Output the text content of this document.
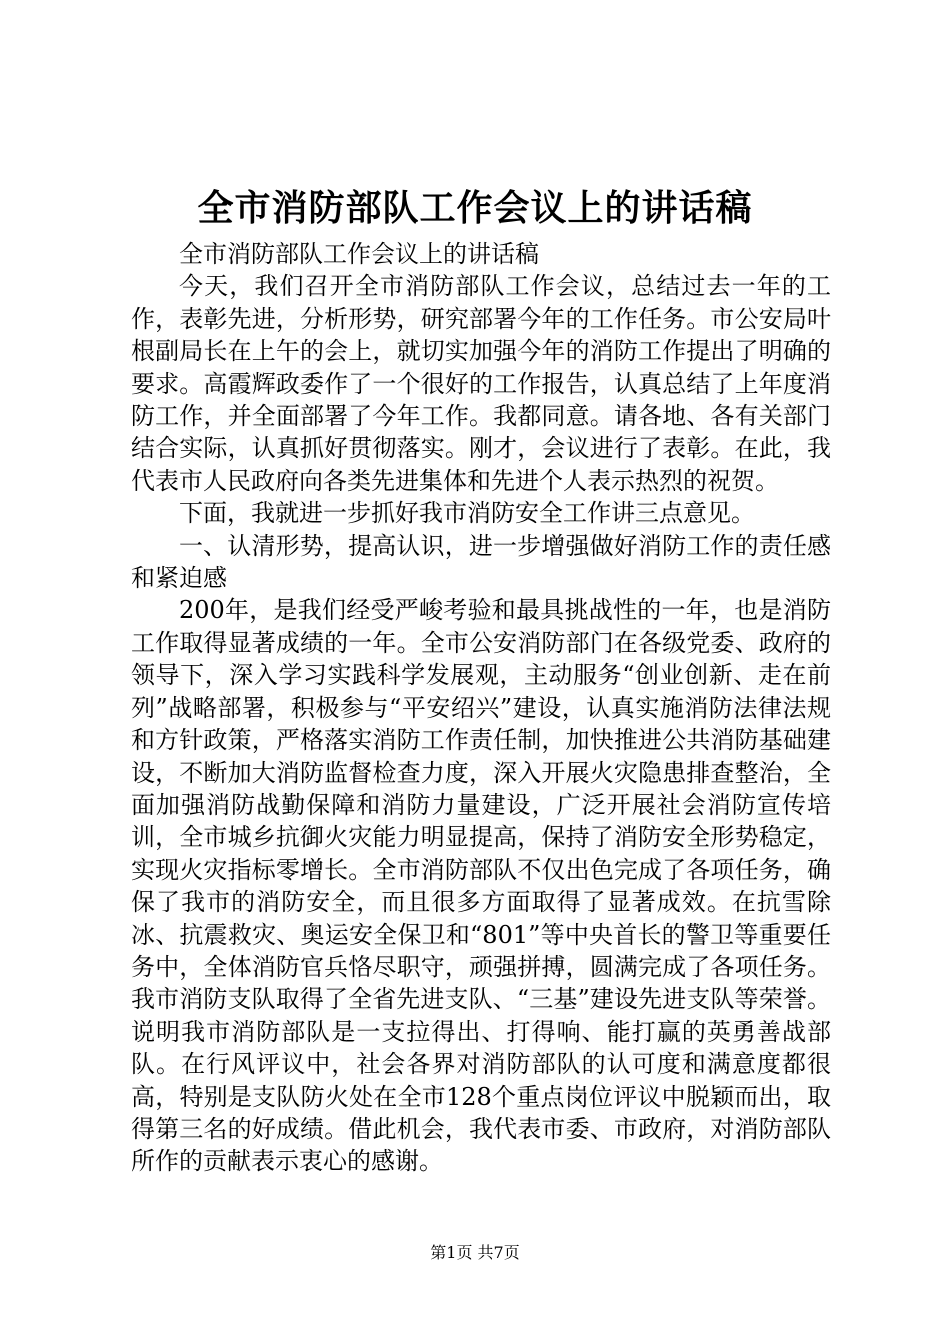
全市消防部队工作会议上的讲话稿

全市消防部队工作会议上的讲话稿

今天，我们召开全市消防部队工作会议，总结过去一年的工作，表彰先进，分析形势，研究部署今年的工作任务。市公安局叶根副局长在上午的会上，就切实加强今年的消防工作提出了明确的要求。高霞辉政委作了一个很好的工作报告，认真总结了上年度消防工作，并全面部署了今年工作。我都同意。请各地、各有关部门结合实际，认真抓好贯彻落实。刚才，会议进行了表彰。在此，我代表市人民政府向各类先进集体和先进个人表示热烈的祝贺。

下面，我就进一步抓好我市消防安全工作讲三点意见。

一、认清形势，提高认识，进一步增强做好消防工作的责任感和紧迫感

200年，是我们经受严峻考验和最具挑战性的一年，也是消防工作取得显著成绩的一年。全市公安消防部门在各级党委、政府的领导下，深入学习实践科学发展观，主动服务“创业创新、走在前列”战略部署，积极参与“平安绍兴”建设，认真实施消防法律法规和方针政策，严格落实消防工作责任制，加快推进公共消防基础建设，不断加大消防监督检查力度，深入开展火灾隐患排查整治，全面加强消防战勤保障和消防力量建设，广泛开展社会消防宣传培训，全市城乡抗御火灾能力明显提高，保持了消防安全形势稳定，实现火灾指标零增长。全市消防部队不仅出色完成了各项任务，确保了我市的消防安全，而且很多方面取得了显著成效。在抗雪除冰、抗震救灾、奥运安全保卫和“801”等中央首长的警卫等重要任务中，全体消防官兵恪尽职守，顽强拼搏，圆满完成了各项任务。我市消防支队取得了全省先进支队、“三基”建设先进支队等荣誉。说明我市消防部队是一支拉得出、打得响、能打赢的英勇善战部队。在行风评议中，社会各界对消防部队的认可度和满意度都很高，特别是支队防火处在全市128个重点岗位评议中脱颖而出，取得第三名的好成绩。借此机会，我代表市委、市政府，对消防部队所作的贡献表示衷心的感谢。

第1页 共7页
